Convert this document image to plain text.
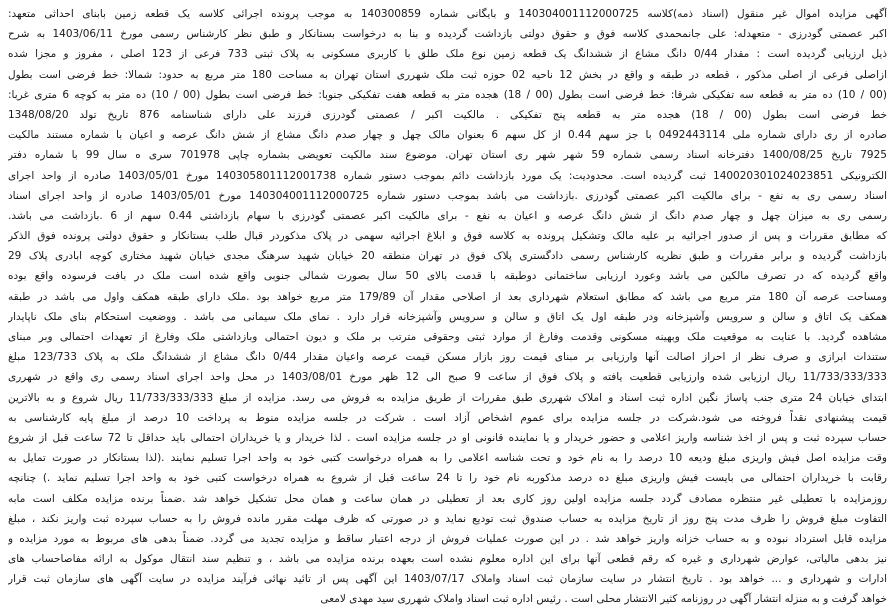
آگهی مزایده اموال غیر منقول (اسناد ذمه)کلاسه 140304001112000725 و بایگانی شماره 140300859 به موجب پرونده اجرائی کلاسه یک قطعه زمین بابنای احداثی متعهد:
اکبر عصمتی گودرزی - متعهدله: علی جانمحمدی کلاسه فوق و حقوق دولتی بازداشت گردیده و بنا به درخواست بستانکار و طبق نظر کارشناس رسمی مورخ 1403/06/11 به شرح
ذیل ارزیابی گردیده است : مقدار 0/44 دانگ مشاع از ششدانگ یک قطعه زمین نوع ملک طلق با کاربری مسکونی به پلاک ثبتی 733 فرعی از 123 اصلی ، مفروز و مجزا شده
ازاصلی فرعی از اصلی مذکور ، قطعه در طبقه و واقع در بخش 12 ناحیه 02 حوزه ثبت ملک شهرری استان تهران به مساحت 180 متر مربع به حدود: شمالا: خط فرضی است بطول
(00 / 10) ده متر به قطعه سه تفکیکی شرقا: خط فرضی است بطول (00 / 18) هجده متر به قطعه هفت تفکیکی جنوبا: خط فرضی است بطول (00 / 10) ده متر به کوچه 6 متری غربا:
خط فرضی است بطول (00 / 18) هجده متر به قطعه پنج تفکیکی . مالکیت اکبر / عصمتی گودرزی فرزند علی دارای شناسنامه 876 تاریخ تولد 1348/08/20
صادره از ری دارای شماره ملی 0492443114 با جز سهم 0.44 از کل سهم 6 بعنوان مالک چهل و چهار صدم دانگ مشاع از شش دانگ عرصه و اعیان با شماره مستند مالکیت
7925 تاریخ 1400/08/25 دفترخانه اسناد رسمی شماره 59 شهر شهر ری استان تهران. موضوع سند مالکیت تعویضی بشماره چاپی 701978 سری ه سال 99 با شماره دفتر
الکترونیکی 140020301024023851 ثبت گردیده است. محدودیت: یک مورد بازداشت دائم بموجب دستور شماره 140305801112001738 مورخ 1403/05/01 صادره از واحد اجرای
اسناد رسمی ری به نفع - برای مالکیت اکبر عصمتی گودرزی .بازداشت می باشد بموجب دستور شماره 140304001112000725 مورخ 1403/05/01 صادره از واحد اجرای اسناد
رسمی ری به میزان چهل و چهار صدم دانگ از شش دانگ عرصه و اعیان به نفع - برای مالکیت اکبر عصمتی گودرزی با سهام بازداشتی 0.44 سهم از 6 .بازداشت می باشد.
که مطابق مقررات و پس از صدور اجرائیه بر علیه مالک وتشکیل پرونده به کلاسه فوق و ابلاغ اجرائیه سهمی در پلاک مذکوردر قبال طلب بستانکار و حقوق دولتی پرونده فوق الذکر
بازداشت گردیده و برابر مقررات و طبق نظریه کارشناس رسمی دادگستری پلاک فوق در تهران منطقه 20 خیابان شهید سرهنگ مجدی خیابان شهید مختاری کوچه ابادری پلاک 29
واقع گردیده که در تصرف مالکین می باشد وعورد ارزیابی ساختمانی دوطبقه با قدمت بالای 50 سال بصورت شمالی جنوبی واقع شده است ملک در بافت فرسوده واقع بوده
ومساحت عرصه آن 180 متر مربع می باشد که مطابق استعلام شهرداری بعد از اصلاحی مقدار آن 179/89 متر مربع خواهد بود .ملک دارای طبقه همکف واول می باشد در طبقه
همکف یک اتاق و سالن و سرویس وآشپزخانه ودر طبقه اول یک اتاق و سالن و سرویس وآشپزخانه قرار دارد . نمای ملک سیمانی می باشد . ووضعیت استحکام بنای ملک ناپایدار
مشاهده گردید. با عنایت به موقعیت ملک وبهینه مسکونی وقدمت وفارغ از موارد ثبتی وحقوقی مترتب بر ملک و دیون احتمالی وبازداشتی ملک وفارغ از تعهدات احتمالی وبر مبنای
ستندات ابرازی و صرف نظر از احراز اصالت آنها وارزیابی بر مبنای قیمت روز بازار مسکن قیمت عرصه واعیان مقدار 0/44 دانگ مشاع از ششدانگ ملک به پلاک 123/733 مبلغ
11/733/333/333 ریال ارزیابی شده وارزیابی قطعیت یافته و پلاک فوق از ساعت 9 صبح الی 12 ظهر مورخ 1403/08/01 در محل واحد اجرای اسناد رسمی ری واقع در شهرری
ابتدای خیابان 24 متری جنب پاساژ نگین اداره ثبت اسناد و املاک شهرری طبق مقررات از طریق مزایده به فروش می رسد. مزایده از مبلغ 11/733/333/333 ریال شروع و به بالاترین
قیمت پیشنهادی نقداً فروخته می شود.شرکت در جلسه مزایده برای عموم اشخاص آزاد است . شرکت در جلسه مزایده منوط به پرداخت 10 درصد از مبلغ پایه کارشناسی به
حساب سپرده ثبت و پس از اخذ شناسه واریز اعلامی و حضور خریدار و یا نماینده قانونی او در جلسه مزایده است . لذا خریدار و یا خریداران احتمالی باید حداقل تا 72 ساعت قبل از شروع
وقت مزایده اصل فیش واریزی مبلغ ودیعه 10 درصد را به نام خود و تحت شناسه اعلامی را به همراه درخواست کتبی خود به واحد اجرا تسلیم نمایند .(لذا بستانکار در صورت تمایل به
رقابت با خریداران احتمالی می بایست فیش واریزی مبلغ ده درصد مذکوربه نام خود را تا 24 ساعت قبل از شروع به همراه درخواست کتبی خود به واحد اجرا تسلیم نماید .) چنانچه
روزمزایده با تعطیلی غیر منتظره مصادف گردد جلسه مزایده اولین روز کاری بعد از تعطیلی در همان ساعت و همان محل تشکیل خواهد شد .ضمناً برنده مزایده مکلف است مابه
التفاوت مبلغ فروش را ظرف مدت پنج روز از تاریخ مزایده به حساب صندوق ثبت تودیع نماید و در صورتی که ظرف مهلت مقرر مانده فروش را به حساب سپرده ثبت واریز نکند ، مبلغ
مزایده قابل استرداد نبوده و به حساب خزانه واریز خواهد شد . در این صورت عملیات فروش از درجه اعتبار ساقط و مزایده تجدید می گردد. ضمناً بدهی های مربوط به مورد مزایده و
نیز بدهی مالیاتی، عوارض شهرداری و غیره که رقم قطعی آنها برای این اداره معلوم نشده است بعهده برنده مزایده می باشد ، و تنظیم سند انتقال موکول به ارائه مفاصاحساب های
ادارات و شهرداری و ... خواهد بود . تاریخ انتشار در سایت سازمان ثبت اسناد واملاک 1403/07/17 این آگهی پس از تائید نهائی فرآیند مزایده در سایت آگهی های سازمان ثبت قرار
خواهد گرفت و به منزله انتشار آگهی در روزنامه کثیر الانتشار محلی است . رئیس اداره ثبت اسناد واملاک شهرری سید مهدی لامعی
